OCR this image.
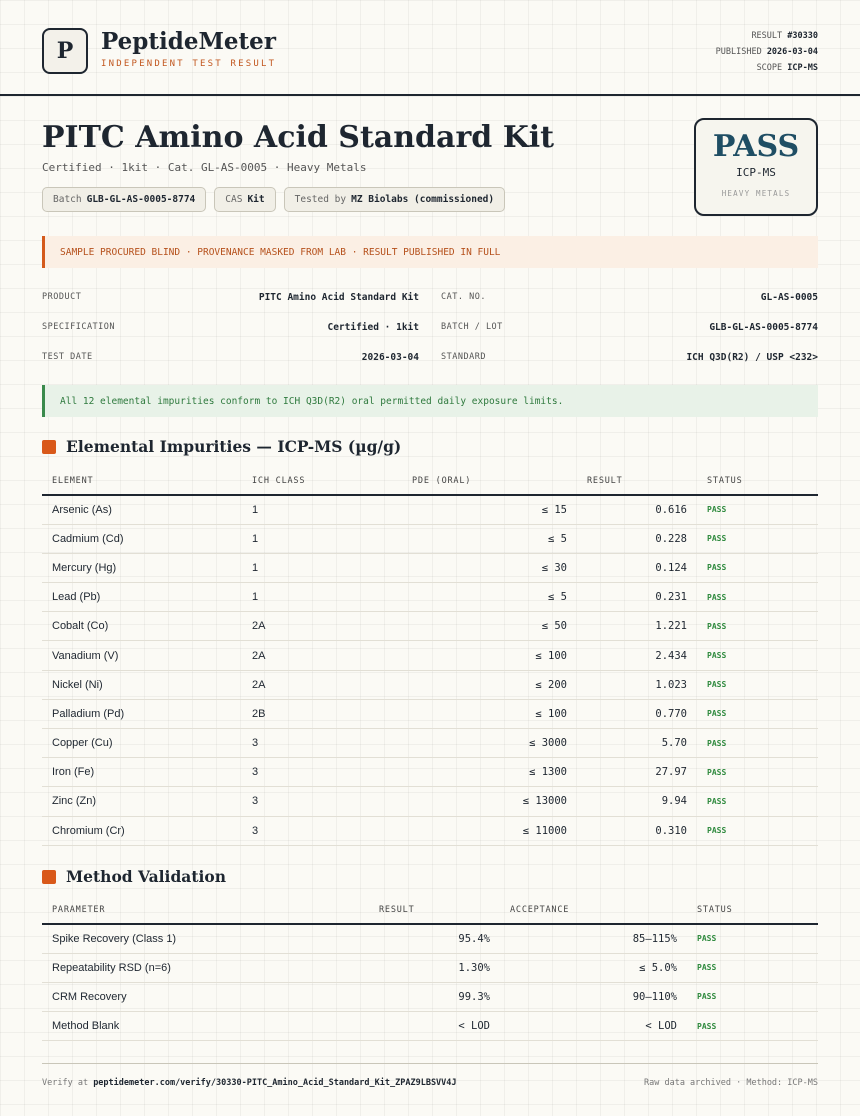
P	PeptideMeter
INDEPENDENT TEST RESULT
RESULT #30330
PUBLISHED 2026-03-04
SCOPE ICP-MS
PITC Amino Acid Standard Kit
Certified · 1kit · Cat. GL-AS-0005 · Heavy Metals
Batch GLB-GL-AS-0005-8774	CAS Kit	Tested by MZ Biolabs (commissioned)
PASS
ICP-MS
HEAVY METALS
SAMPLE PROCURED BLIND · PROVENANCE MASKED FROM LAB · RESULT PUBLISHED IN FULL
PRODUCT	PITC Amino Acid Standard Kit	CAT. NO.	GL-AS-0005
SPECIFICATION	Certified · 1kit	BATCH / LOT	GLB-GL-AS-0005-8774
TEST DATE	2026-03-04	STANDARD	ICH Q3D(R2) / USP <232>
All 12 elemental impurities conform to ICH Q3D(R2) oral permitted daily exposure limits.
Elemental Impurities — ICP-MS (µg/g)
ELEMENT	ICH CLASS	PDE (ORAL)	RESULT	STATUS
Arsenic (As)	1	≤ 15	0.616	PASS
Cadmium (Cd)	1	≤ 5	0.228	PASS
Mercury (Hg)	1	≤ 30	0.124	PASS
Lead (Pb)	1	≤ 5	0.231	PASS
Cobalt (Co)	2A	≤ 50	1.221	PASS
Vanadium (V)	2A	≤ 100	2.434	PASS
Nickel (Ni)	2A	≤ 200	1.023	PASS
Palladium (Pd)	2B	≤ 100	0.770	PASS
Copper (Cu)	3	≤ 3000	5.70	PASS
Iron (Fe)	3	≤ 1300	27.97	PASS
Zinc (Zn)	3	≤ 13000	9.94	PASS
Chromium (Cr)	3	≤ 11000	0.310	PASS
Method Validation
PARAMETER	RESULT	ACCEPTANCE	STATUS
Spike Recovery (Class 1)	95.4%	85–115%	PASS
Repeatability RSD (n=6)	1.30%	≤ 5.0%	PASS
CRM Recovery	99.3%	90–110%	PASS
Method Blank	< LOD	< LOD	PASS
Verify at peptidemeter.com/verify/30330-PITC_Amino_Acid_Standard_Kit_ZPAZ9LBSVV4J	Raw data archived · Method: ICP-MS
